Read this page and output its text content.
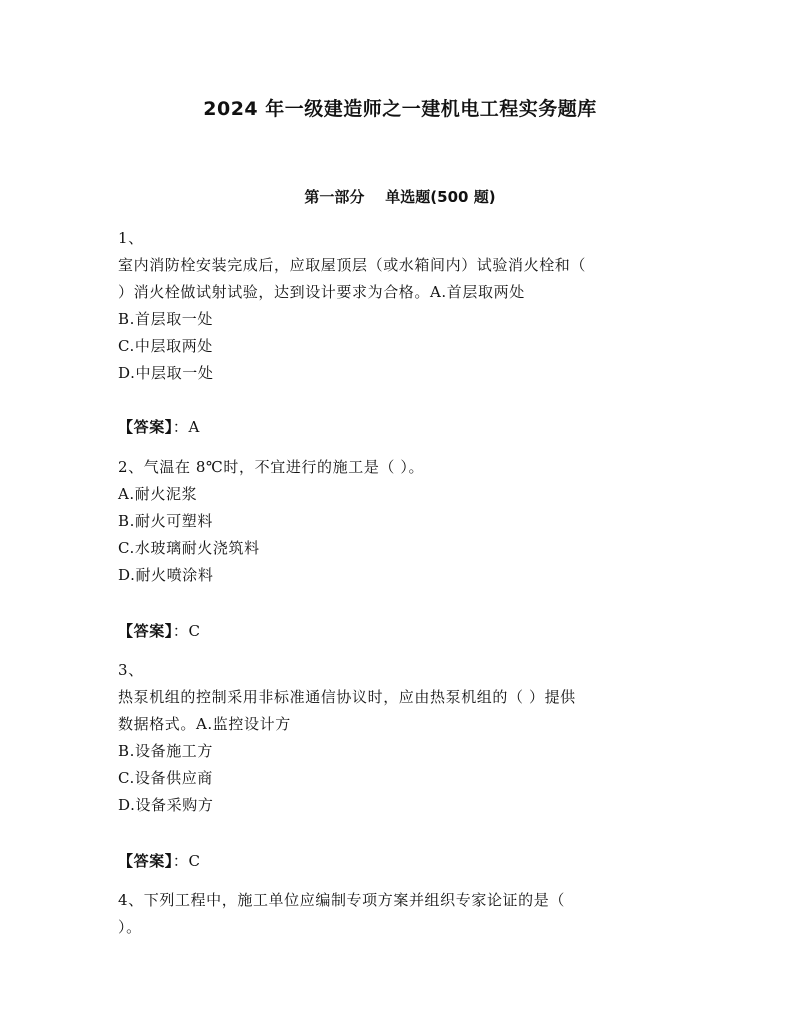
2024 年一级建造师之一建机电工程实务题库
第一部分    单选题(500 题)
1、
室内消防栓安装完成后，应取屋顶层（或水箱间内）试验消火栓和（
）消火栓做试射试验，达到设计要求为合格。A.首层取两处
B.首层取一处
C.中层取两处
D.中层取一处
【答案】：A
2、气温在 8℃时，不宜进行的施工是（ ）。
A.耐火泥浆
B.耐火可塑料
C.水玻璃耐火浇筑料
D.耐火喷涂料
【答案】：C
3、
热泵机组的控制采用非标准通信协议时，应由热泵机组的（ ）提供
数据格式。A.监控设计方
B.设备施工方
C.设备供应商
D.设备采购方
【答案】：C
4、下列工程中，施工单位应编制专项方案并组织专家论证的是（
）。
